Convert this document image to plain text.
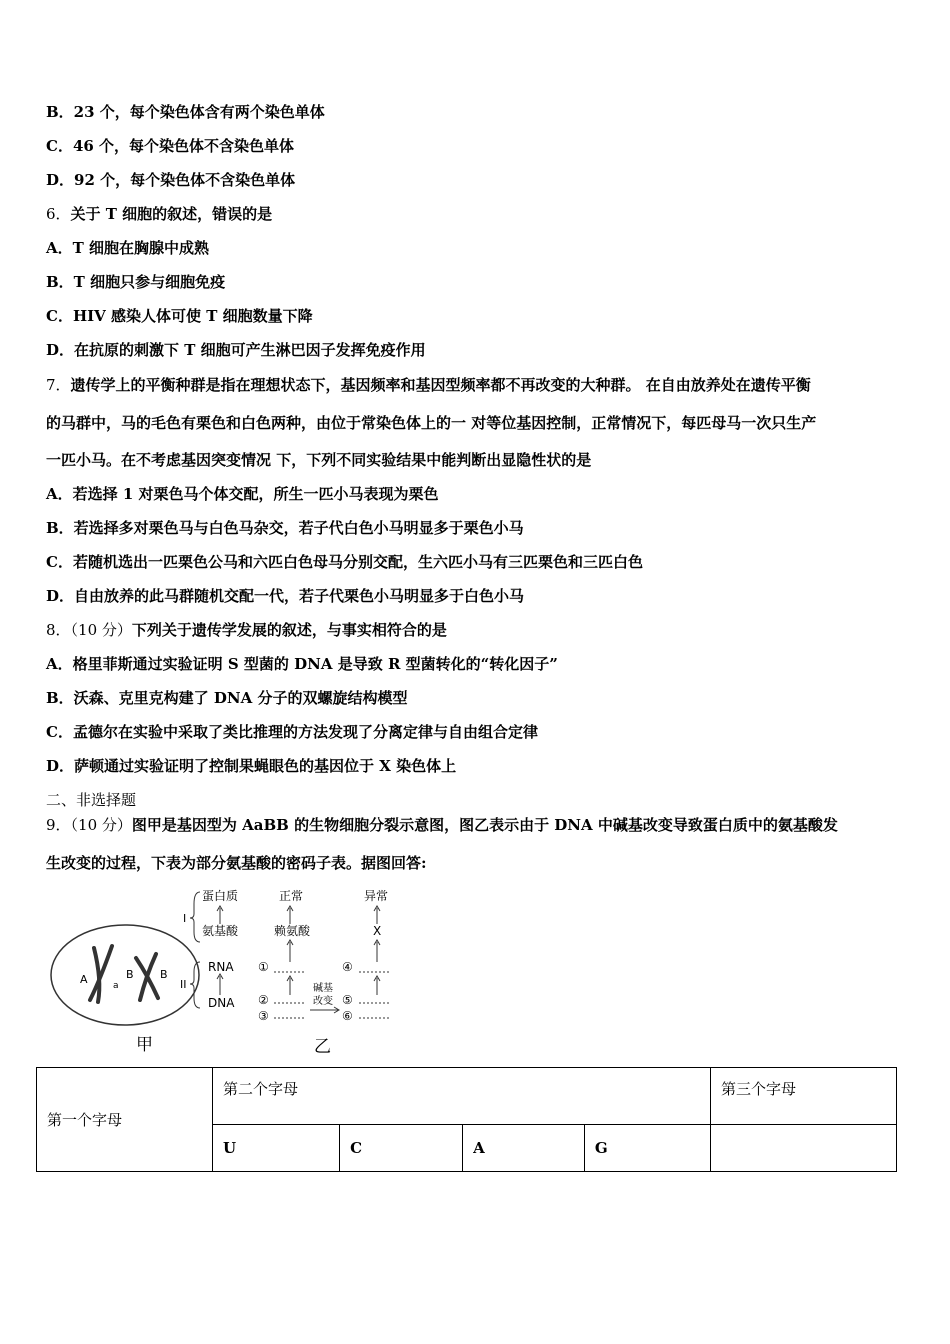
B．23 个，每个染色体含有两个染色单体
C．46 个，每个染色体不含染色单体
D．92 个，每个染色体不含染色单体
6．关于 T 细胞的叙述，错误的是
A．T 细胞在胸腺中成熟
B．T 细胞只参与细胞免疫
C．HIV 感染人体可使 T 细胞数量下降
D．在抗原的刺激下 T 细胞可产生淋巴因子发挥免疫作用
7．遗传学上的平衡种群是指在理想状态下，基因频率和基因型频率都不再改变的大种群。 在自由放养处在遗传平衡
的马群中，马的毛色有栗色和白色两种，由位于常染色体上的一 对等位基因控制，正常情况下，每匹母马一次只生产
一匹小马。在不考虑基因突变情况 下，下列不同实验结果中能判断出显隐性状的是
A．若选择 1 对栗色马个体交配，所生一匹小马表现为栗色
B．若选择多对栗色马与白色马杂交，若子代白色小马明显多于栗色小马
C．若随机选出一匹栗色公马和六匹白色母马分别交配，生六匹小马有三匹栗色和三匹白色
D．自由放养的此马群随机交配一代，若子代栗色小马明显多于白色小马
8．（10 分）下列关于遗传学发展的叙述，与事实相符合的是
A．格里菲斯通过实验证明 S 型菌的 DNA 是导致 R 型菌转化的“转化因子”
B．沃森、克里克构建了 DNA 分子的双螺旋结构模型
C．孟德尔在实验中采取了类比推理的方法发现了分离定律与自由组合定律
D．萨顿通过实验证明了控制果蝇眼色的基因位于 X 染色体上
二、非选择题
9．（10 分）图甲是基因型为 AaBB 的生物细胞分裂示意图，图乙表示由于 DNA 中碱基改变导致蛋白质中的氨基酸发
生改变的过程，下表为部分氨基酸的密码子表。据图回答:
A	a
B B
甲
蛋白质
氨基酸
RNA
DNA
I
II
正常
赖氨酸
①
②
③
异常
X
④
⑤
⑥
碱基
改变
乙
第一个字母	第二个字母				第三个字母
	U	C	A	G	
